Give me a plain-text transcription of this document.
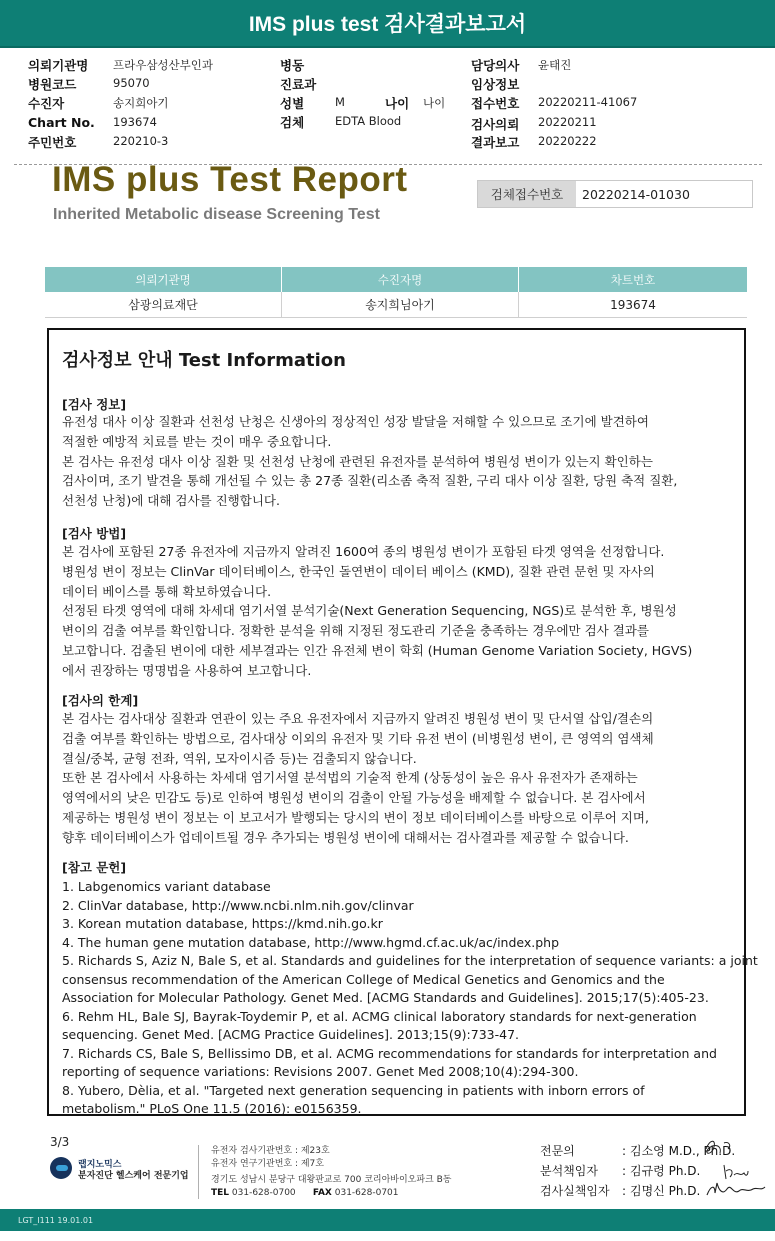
IMS plus test 검사결과보고서
의뢰기관명 프라우삼성산부인과
병원코드	95070
수진자	송지희아기
Chart No. 193674
주민번호	220210-3
병동
진료과
성별	M	나이 나이
검체	EDTA Blood
담당의사 윤태진
임상정보
접수번호 20220211-41067
검사의뢰 20220211
결과보고 20220222
IMS plus Test Report
Inherited Metabolic disease Screening Test
검체접수번호	20220214-01030
의뢰기관명	수진자명	차트번호
삼광의료재단	송지희님아기	193674
검사정보 안내 Test Information
[검사 정보]
유전성 대사 이상 질환과 선천성 난청은 신생아의 정상적인 성장 발달을 저해할 수 있으므로 조기에 발견하여
적절한 예방적 치료를 받는 것이 매우 중요합니다.
본 검사는 유전성 대사 이상 질환 및 선천성 난청에 관련된 유전자를 분석하여 병원성 변이가 있는지 확인하는
검사이며, 조기 발견을 통해 개선될 수 있는 총 27종 질환(리소좀 축적 질환, 구리 대사 이상 질환, 당원 축적 질환,
선천성 난청)에 대해 검사를 진행합니다.
[검사 방법]
본 검사에 포함된 27종 유전자에 지금까지 알려진 1600여 종의 병원성 변이가 포함된 타겟 영역을 선정합니다.
병원성 변이 정보는 ClinVar 데이터베이스, 한국인 돌연변이 데이터 베이스 (KMD), 질환 관련 문헌 및 자사의
데이터 베이스를 통해 확보하였습니다.
선정된 타겟 영역에 대해 차세대 염기서열 분석기술(Next Generation Sequencing, NGS)로 분석한 후, 병원성
변이의 검출 여부를 확인합니다. 정확한 분석을 위해 지정된 정도관리 기준을 충족하는 경우에만 검사 결과를
보고합니다. 검출된 변이에 대한 세부결과는 인간 유전체 변이 학회 (Human Genome Variation Society, HGVS)
에서 권장하는 명명법을 사용하여 보고합니다.
[검사의 한계]
본 검사는 검사대상 질환과 연관이 있는 주요 유전자에서 지금까지 알려진 병원성 변이 및 단서열 삽입/결손의
검출 여부를 확인하는 방법으로, 검사대상 이외의 유전자 및 기타 유전 변이 (비병원성 변이, 큰 영역의 염색체
결실/중복, 균형 전좌, 역위, 모자이시즘 등)는 검출되지 않습니다.
또한 본 검사에서 사용하는 차세대 염기서열 분석법의 기술적 한계 (상동성이 높은 유사 유전자가 존재하는
영역에서의 낮은 민감도 등)로 인하여 병원성 변이의 검출이 안될 가능성을 배제할 수 없습니다. 본 검사에서
제공하는 병원성 변이 정보는 이 보고서가 발행되는 당시의 변이 정보 데이터베이스를 바탕으로 이루어 지며,
향후 데이터베이스가 업데이트될 경우 추가되는 병원성 변이에 대해서는 검사결과를 제공할 수 없습니다.
[참고 문헌]
1. Labgenomics variant database
2. ClinVar database, http://www.ncbi.nlm.nih.gov/clinvar
3. Korean mutation database, https://kmd.nih.go.kr
4. The human gene mutation database, http://www.hgmd.cf.ac.uk/ac/index.php
5. Richards S, Aziz N, Bale S, et al. Standards and guidelines for the interpretation of sequence variants: a joint
consensus recommendation of the American College of Medical Genetics and Genomics and the
Association for Molecular Pathology. Genet Med. [ACMG Standards and Guidelines]. 2015;17(5):405-23.
6. Rehm HL, Bale SJ, Bayrak-Toydemir P, et al. ACMG clinical laboratory standards for next-generation
sequencing. Genet Med. [ACMG Practice Guidelines]. 2013;15(9):733-47.
7. Richards CS, Bale S, Bellissimo DB, et al. ACMG recommendations for standards for interpretation and
reporting of sequence variations: Revisions 2007. Genet Med 2008;10(4):294-300.
8. Yubero, Dèlia, et al. "Targeted next generation sequencing in patients with inborn errors of
metabolism." PLoS One 11.5 (2016): e0156359.
3/3
랩지노믹스
분자진단 헬스케어 전문기업
유전자 검사기관번호 : 제23호
유전자 연구기관번호 : 제7호
경기도 성남시 분당구 대왕판교로 700 코리아바이오파크 B동
TEL 031-628-0700 FAX 031-628-0701
전문의	: 김소영 M.D., Ph.D.
분석책임자	: 김규령 Ph.D.
검사실책임자	: 김명신 Ph.D.
LGT_I111 19.01.01
